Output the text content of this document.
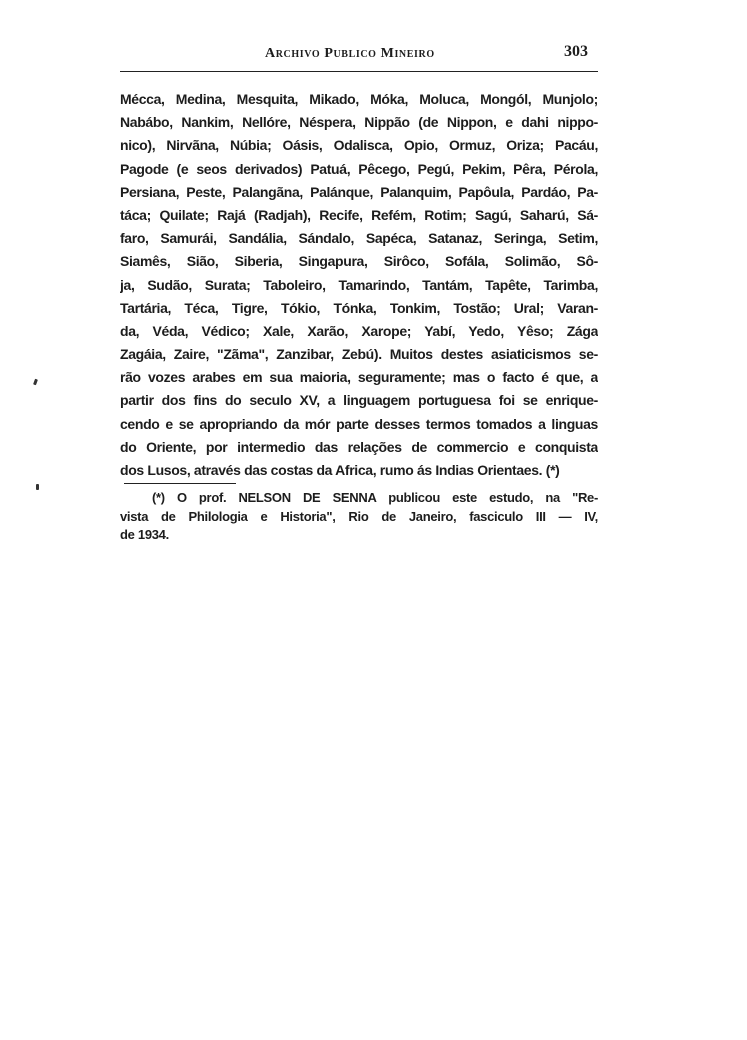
Archivo Publico Mineiro	303
Mécca, Medina, Mesquita, Mikado, Móka, Moluca, Mongól, Munjolo;
Nabábo, Nankim, Nellóre, Néspera, Nippão (de Nippon, e dahi nippo-
nico), Nirvãna, Núbia; Oásis, Odalisca, Opio, Ormuz, Oriza; Pacáu,
Pagode (e seos derivados) Patuá, Pêcego, Pegú, Pekim, Pêra, Pérola,
Persiana, Peste, Palangãna, Palánque, Palanquim, Papôula, Pardáo, Pa-
táca; Quilate; Rajá (Radjah), Recife, Refém, Rotim; Sagú, Saharú, Sá-
faro, Samurái, Sandália, Sándalo, Sapéca, Satanaz, Seringa, Setim,
Siamês, Sião, Siberia, Singapura, Sirôco, Sofála, Solimão, Sô-
ja, Sudão, Surata; Taboleiro, Tamarindo, Tantám, Tapête, Tarimba,
Tartária, Téca, Tigre, Tókio, Tónka, Tonkim, Tostão; Ural; Varan-
da, Véda, Védico; Xale, Xarão, Xarope; Yabí, Yedo, Yêso; Zága
Zagáia, Zaire, "Zãma", Zanzibar, Zebú). Muitos destes asiaticismos se-
rão vozes arabes em sua maioria, seguramente; mas o facto é que, a
partir dos fins do seculo XV, a linguagem portuguesa foi se enrique-
cendo e se apropriando da mór parte desses termos tomados a linguas
do Oriente, por intermedio das relações de commercio e conquista
dos Lusos, através das costas da Africa, rumo ás Indias Orientaes. (*)
(*) O prof. NELSON DE SENNA publicou este estudo, na "Re-
vista de Philologia e Historia", Rio de Janeiro, fasciculo III — IV,
de 1934.
